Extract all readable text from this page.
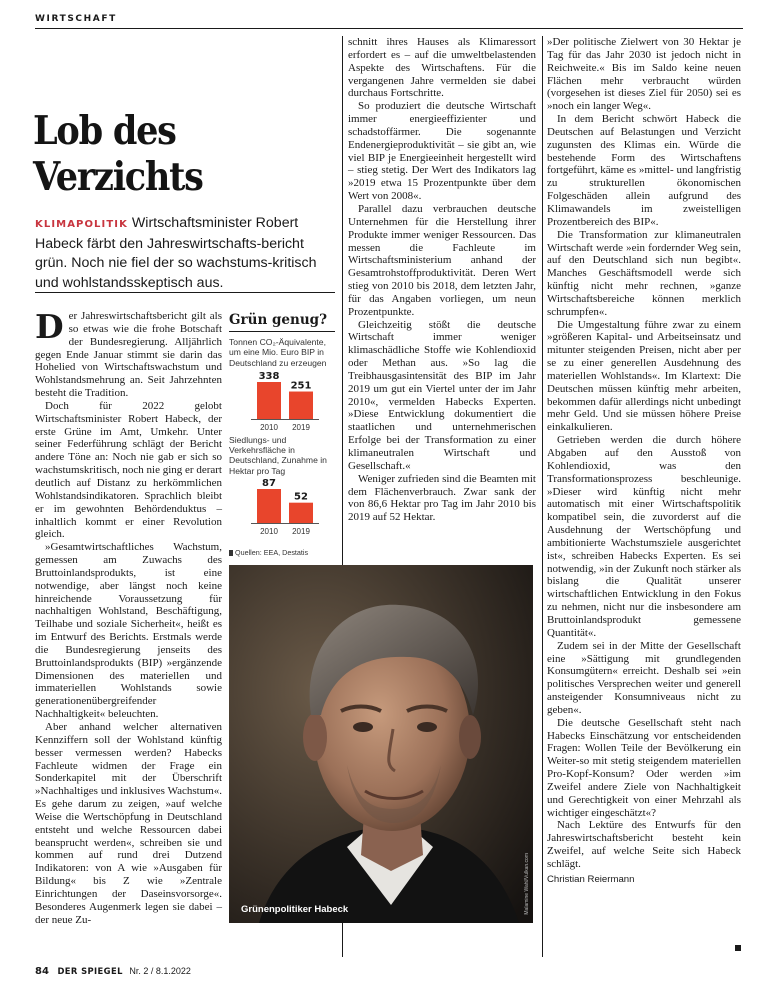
WIRTSCHAFT
Lob des
Verzichts

KLIMAPOLITIK Wirtschaftsminister Robert Habeck färbt den Jahreswirtschafts-bericht grün. Noch nie fiel der so wachstums-kritisch und wohlstandsskeptisch aus.

D er Jahreswirtschaftsbericht gilt als so etwas wie die frohe Botschaft der Bundesregierung. Alljährlich gegen Ende Januar stimmt sie darin das Hohelied von Wirtschaftswachstum und Wohlstandsmehrung an. Seit Jahrzehnten besteht die Tradition.

Doch für 2022 gelobt Wirtschaftsminister Robert Habeck, der erste Grüne im Amt, Umkehr. Unter seiner Federführung schlägt der Bericht andere Töne an: Noch nie gab er sich so wachstumskritisch, noch nie ging er derart deutlich auf Distanz zu herkömmlichen Wohlstandsindikatoren. Sprachlich bleibt er im gewohnten Behördenduktus – inhaltlich kommt er einer Revolution gleich.

»Gesamtwirtschaftliches Wachstum, gemessen am Zuwachs des Bruttoinlandsprodukts, ist eine notwendige, aber längst noch keine hinreichende Voraussetzung für nachhaltigen Wohlstand, Beschäftigung, Teilhabe und soziale Sicherheit«, heißt es im Entwurf des Berichts. Erstmals werde die Bundesregierung jenseits des Bruttoinlandsprodukts (BIP) »ergänzende Dimensionen des materiellen und immateriellen Wohlstands sowie generationenübergreifender Nachhaltigkeit« beleuchten.

Aber anhand welcher alternativen Kennziffern soll der Wohlstand künftig besser vermessen werden? Habecks Fachleute widmen der Frage ein Sonderkapitel mit der Überschrift »Nachhaltiges und inklusives Wachstum«. Es gehe darum zu zeigen, »auf welche Weise die Wertschöpfung in Deutschland entsteht und welche Ressourcen dabei beansprucht werden«, schreiben sie und kommen auf rund drei Dutzend Indikatoren: von A wie »Ausgaben für Bildung« bis Z wie »Zentrale Einrichtungen der Daseinsvorsorge«. Besonderes Augenmerk legen sie dabei – der neue Zu-

Grün genug?

Tonnen CO₂-Äquivalente, um eine Mio. Euro BIP in Deutschland zu erzeugen

338
2010
251
2019

Siedlungs- und Verkehrsfläche in Deutschland, Zunahme in Hektar pro Tag

87
2010
52
2019
Quellen: EEA, Destatis

schnitt ihres Hauses als Klimaressort erfordert es – auf die umweltbelastenden Aspekte des Wirtschaftens. Für die vergangenen Jahre vermelden sie dabei durchaus Fortschritte.

So produziert die deutsche Wirtschaft immer energieeffizienter und schadstoffärmer. Die sogenannte Endenergieproduktivität – sie gibt an, wie viel BIP je Energieeinheit hergestellt wird – stieg stetig. Der Wert des Indikators lag »2019 etwa 15 Prozentpunkte über dem Wert von 2008«.

Parallel dazu verbrauchen deutsche Unternehmen für die Herstellung ihrer Produkte immer weniger Ressourcen. Das messen die Fachleute im Wirtschaftsministerium anhand der Gesamtrohstoffproduktivität. Deren Wert stieg von 2010 bis 2018, dem letzten Jahr, für das Angaben vorliegen, um neun Prozentpunkte.

Gleichzeitig stößt die deutsche Wirtschaft immer weniger klimaschädliche Stoffe wie Kohlendioxid oder Methan aus. »So lag die Treibhausgasintensität des BIP im Jahr 2019 um gut ein Viertel unter der im Jahr 2010«, vermelden Habecks Experten. »Diese Entwicklung dokumentiert die staatlichen und unternehmerischen Erfolge bei der Transformation zu einer klimaneutralen Wirtschaft und Gesellschaft.«

Weniger zufrieden sind die Beamten mit dem Flächenverbrauch. Zwar sank der von 86,6 Hektar pro Tag im Jahr 2010 bis 2019 auf 52 Hektar.

»Der politische Zielwert von 30 Hektar je Tag für das Jahr 2030 ist jedoch nicht in Reichweite.« Bis im Saldo keine neuen Flächen mehr verbraucht würden (vorgesehen ist dieses Ziel für 2050) sei es »noch ein langer Weg«.

In dem Bericht schwört Habeck die Deutschen auf Belastungen und Verzicht zugunsten des Klimas ein. Würde die bestehende Form des Wirtschaftens fortgeführt, käme es »mittel- und langfristig zu strukturellen ökonomischen Folgeschäden allein aufgrund des Klimawandels im zweistelligen Prozentbereich des BIP«.

Die Transformation zur klimaneutralen Wirtschaft werde »ein fordernder Weg sein, auf den Deutschland sich nun begibt«. Manches Geschäftsmodell werde sich künftig nicht mehr rechnen, »ganze Wirtschaftsbereiche können merklich schrumpfen«.

Die Umgestaltung führe zwar zu einem »größeren Kapital- und Arbeitseinsatz und mitunter steigenden Preisen, nicht aber per se zu einer generellen Ausdehnung des materiellen Wohlstands«. Im Klartext: Die Deutschen müssen künftig mehr arbeiten, bekommen dafür allerdings nicht unbedingt mehr Geld. Und sie müssen höhere Preise einkalkulieren.

Getrieben werden die durch höhere Abgaben auf den Ausstoß von Kohlendioxid, was den Transformationsprozess beschleunige. »Dieser wird künftig nicht mehr automatisch mit einer Wirtschaftspolitik kompatibel sein, die zuvorderst auf die Ausdehnung der Wertschöpfung und ambitionierte Wachstumsziele ausgerichtet ist«, schreiben Habecks Experten. Es sei notwendig, »in der Zukunft noch stärker als bislang die Qualität unserer wirtschaftlichen Entwicklung in den Fokus zu nehmen, nicht nur die insbesondere am Bruttoinlandsprodukt gemessene Quantität«.

Zudem sei in der Mitte der Gesellschaft eine »Sättigung mit grundlegenden Konsumgütern« erreicht. Deshalb sei »ein politisches Versprechen weiter und generell ansteigender Konsumniveaus nicht zu geben«.

Die deutsche Gesellschaft steht nach Habecks Einschätzung vor entscheidenden Fragen: Wollen Teile der Bevölkerung ein Weiter-so mit stetig steigendem materiellen Pro-Kopf-Konsum? Oder werden »im Zweifel andere Ziele von Nachhaltigkeit und Gerechtigkeit von einer Mehrzahl als wichtiger eingeschätzt«?

Nach Lektüre des Entwurfs für den Jahreswirtschaftsbericht besteht kein Zweifel, auf welche Seite sich Habeck schlägt.

Christian Reiermann

Grünenpolitiker Habeck	Malamine Wahl/Vulkan.com
84 DER SPIEGEL Nr. 2 / 8.1.2022
